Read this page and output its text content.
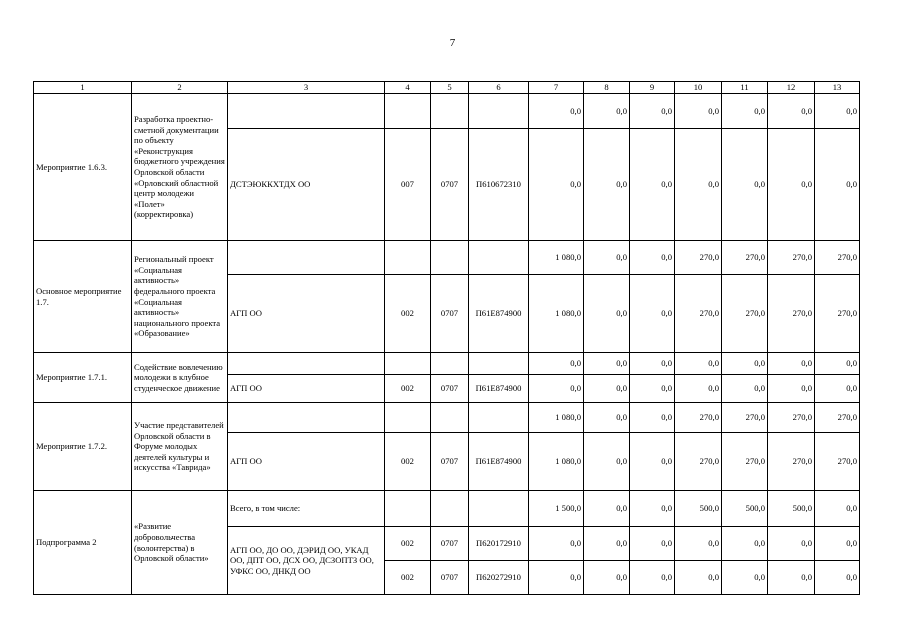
7
1	2	3	4	5	6	7	8	9	10	11	12	13
Мероприятие 1.6.3.	Разработка проектно-сметной документации по объекту «Реконструкция бюджетного учреждения Орловской области «Орловский областной центр молодежи «Полет» (корректировка)					0,0	0,0	0,0	0,0	0,0	0,0	0,0
		ДСТЭЮККХТДХ ОО	007	0707	П610672310	0,0	0,0	0,0	0,0	0,0	0,0	0,0
Основное мероприятие 1.7.	Региональный проект «Социальная активность» федерального проекта «Социальная активность» национального проекта «Образование»					1 080,0	0,0	0,0	270,0	270,0	270,0	270,0
		АГП ОО	002	0707	П61Е874900	1 080,0	0,0	0,0	270,0	270,0	270,0	270,0
Мероприятие 1.7.1.	Содействие вовлечению молодежи в клубное студенческое движение					0,0	0,0	0,0	0,0	0,0	0,0	0,0
		АГП ОО	002	0707	П61Е874900	0,0	0,0	0,0	0,0	0,0	0,0	0,0
Мероприятие 1.7.2.	Участие представителей Орловской области в Форуме молодых деятелей культуры и искусства «Таврида»					1 080,0	0,0	0,0	270,0	270,0	270,0	270,0
		АГП ОО	002	0707	П61Е874900	1 080,0	0,0	0,0	270,0	270,0	270,0	270,0
Подпрограмма 2	«Развитие добровольчества (волонтерства) в Орловской области»	Всего, в том числе:				1 500,0	0,0	0,0	500,0	500,0	500,0	0,0
		АГП ОО, ДО ОО, ДЭРИД ОО, УКАД ОО, ДПТ ОО, ДСХ ОО, ДСЗОПТЗ ОО, УФКС ОО, ДНКД ОО	002	0707	П620172910	0,0	0,0	0,0	0,0	0,0	0,0	0,0
			002	0707	П620272910	0,0	0,0	0,0	0,0	0,0	0,0	0,0
